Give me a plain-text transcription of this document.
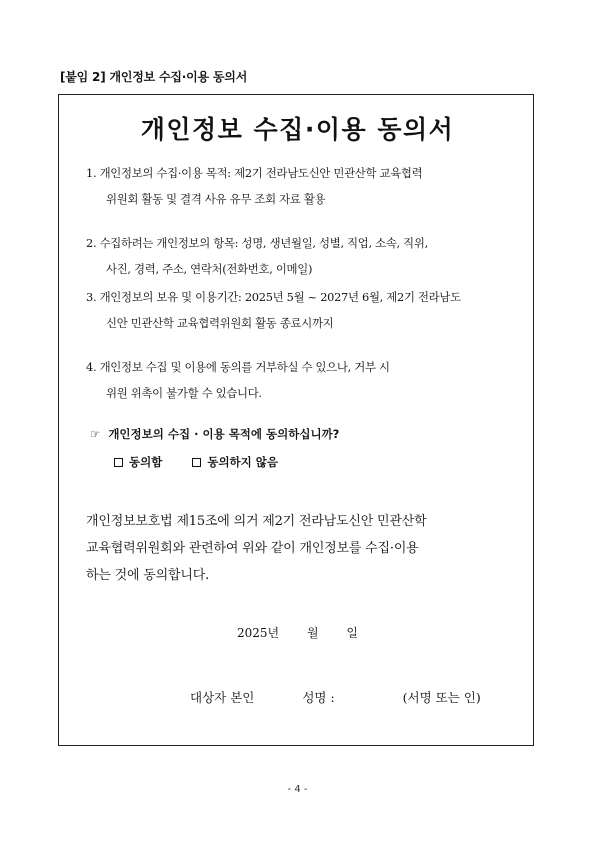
[붙임 2] 개인정보 수집·이용 동의서
개인정보 수집·이용 동의서
1. 개인정보의 수집·이용 목적: 제2기 전라남도신안 민관산학 교육협력
위원회 활동 및 결격 사유 유무 조회 자료 활용
2. 수집하려는 개인정보의 항목: 성명, 생년월일, 성별, 직업, 소속, 직위,
사진, 경력, 주소, 연락처(전화번호, 이메일)
3. 개인정보의 보유 및 이용기간: 2025년 5월 ~ 2027년 6월, 제2기 전라남도
신안 민관산학 교육협력위원회 활동 종료시까지
4. 개인정보 수집 및 이용에 동의를 거부하실 수 있으나, 거부 시
위원 위촉이 불가할 수 있습니다.
☞ 개인정보의 수집 · 이용 목적에 동의하십니까?
동의함
	동의하지 않음
개인정보보호법 제15조에 의거 제2기 전라남도신안 민관산학
교육협력위원회와 관련하여 위와 같이 개인정보를 수집·이용
하는 것에 동의합니다.
2025년 월 일
대상자 본인	성명 :	(서명 또는 인)
- 4 -
